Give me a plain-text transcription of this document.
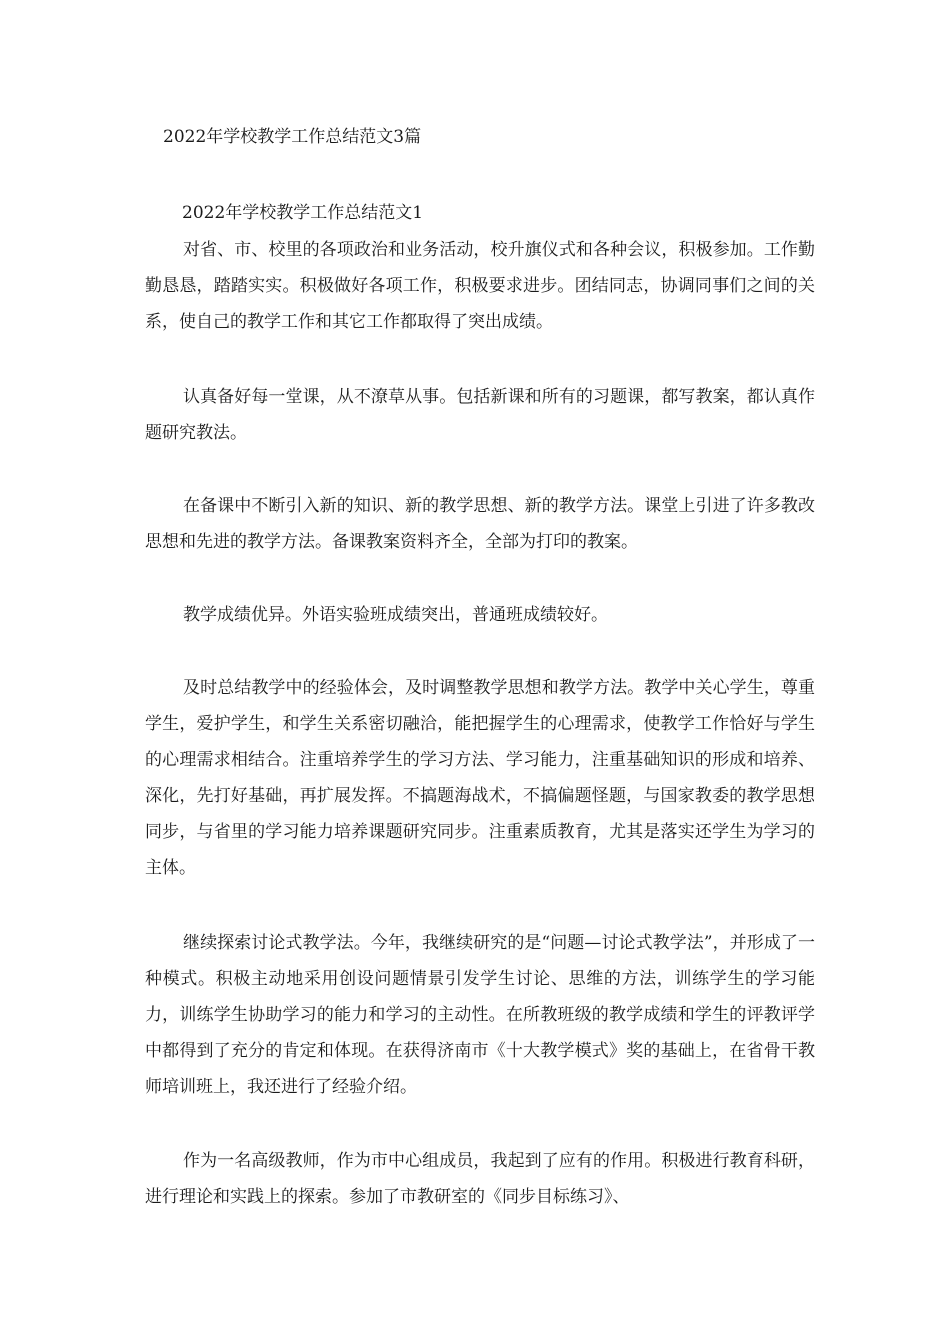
2022年学校教学工作总结范文3篇
2022年学校教学工作总结范文1

对省、市、校里的各项政治和业务活动，校升旗仪式和各种会议，积极参加。工作勤勤恳恳，踏踏实实。积极做好各项工作，积极要求进步。团结同志，协调同事们之间的关系，使自己的教学工作和其它工作都取得了突出成绩。

认真备好每一堂课，从不潦草从事。包括新课和所有的习题课，都写教案，都认真作题研究教法。

在备课中不断引入新的知识、新的教学思想、新的教学方法。课堂上引进了许多教改思想和先进的教学方法。备课教案资料齐全，全部为打印的教案。

教学成绩优异。外语实验班成绩突出，普通班成绩较好。

及时总结教学中的经验体会，及时调整教学思想和教学方法。教学中关心学生，尊重学生，爱护学生，和学生关系密切融洽，能把握学生的心理需求，使教学工作恰好与学生的心理需求相结合。注重培养学生的学习方法、学习能力，注重基础知识的形成和培养、深化，先打好基础，再扩展发挥。不搞题海战术，不搞偏题怪题，与国家教委的教学思想同步，与省里的学习能力培养课题研究同步。注重素质教育，尤其是落实还学生为学习的主体。

继续探索讨论式教学法。今年，我继续研究的是“问题—讨论式教学法”，并形成了一种模式。积极主动地采用创设问题情景引发学生讨论、思维的方法，训练学生的学习能力，训练学生协助学习的能力和学习的主动性。在所教班级的教学成绩和学生的评教评学中都得到了充分的肯定和体现。在获得济南市《十大教学模式》奖的基础上，在省骨干教师培训班上，我还进行了经验介绍。

作为一名高级教师，作为市中心组成员，我起到了应有的作用。积极进行教育科研，进行理论和实践上的探索。参加了市教研室的《同步目标练习》、
